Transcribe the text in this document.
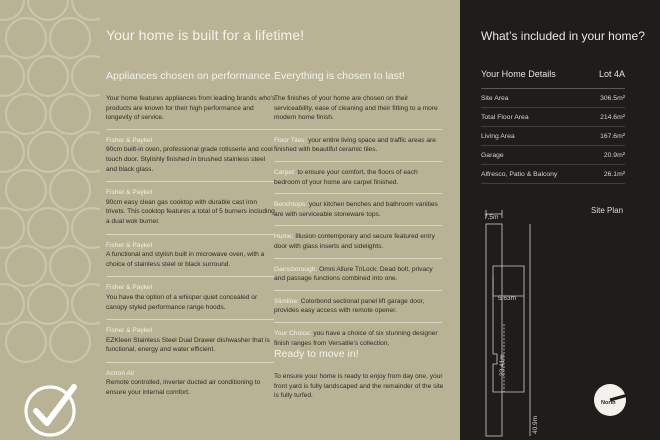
Your home is built for a lifetime!
Appliances chosen on performance.

Your home features appliances from leading brands who’s products are known for their high performance and longevity of service.

Fisher & Paykel

90cm built-in oven, professional grade rotisserie and cool touch door. Stylishly finished in brushed stainless steel and black glass.

Fisher & Paykel

90cm easy clean gas cooktop with durable cast iron trivets. This cooktop features a total of 5 burners including a dual wok burner.

Fisher & Paykel

A functional and stylish built in microwave oven, with a choice of stainless steel or black surround.

Fisher & Paykel

You have the option of a whisper quiet concealed or canopy styled performance range hoods.

Fisher & Paykel

EZKleen Stainless Steel Dual Drawer dishwasher that is functional, energy and water efficient.

Actron Air

Remote controlled, inverter ducted air conditioning to ensure your internal comfort.

Everything is chosen to last!

The finishes of your home are chosen on their serviceability, ease of cleaning and their fitting to a more modern home finish.

Floor Tiles: your entire living space and traffic areas are finished with beautiful ceramic tiles.

Carpet: to ensure your comfort, the floors of each bedroom of your home are carpet finished.

Benchtops: your kitchen benches and bathroom vanities are with serviceable stoneware tops.

Hume: Illusion contemporary and secure featured entry door with glass inserts and sidelights.

Gainsborough: Omni Allure TriLock: Dead bolt, privacy and passage functions combined into one.

Slimline: Colorbond sectional panel lift garage door, provides easy access with remote opener.

Your Choice: you have a choice of six stunning designer finish ranges from Versatile’s collection.

Ready to move in!

To ensure your home is ready to enjoy from day one, your front yard is fully landscaped and the remainder of the site is fully turfed.

What’s included in your home?
Your Home Details	Lot 4A
Site Area	306.5m²
Total Floor Area	214.6m²
Living Area	167.6m²
Garage	20.9m²
Alfresco, Patio & Balcony	26.1m²
7.5m
5.63m
23.41m
40.9m
North
Site Plan
